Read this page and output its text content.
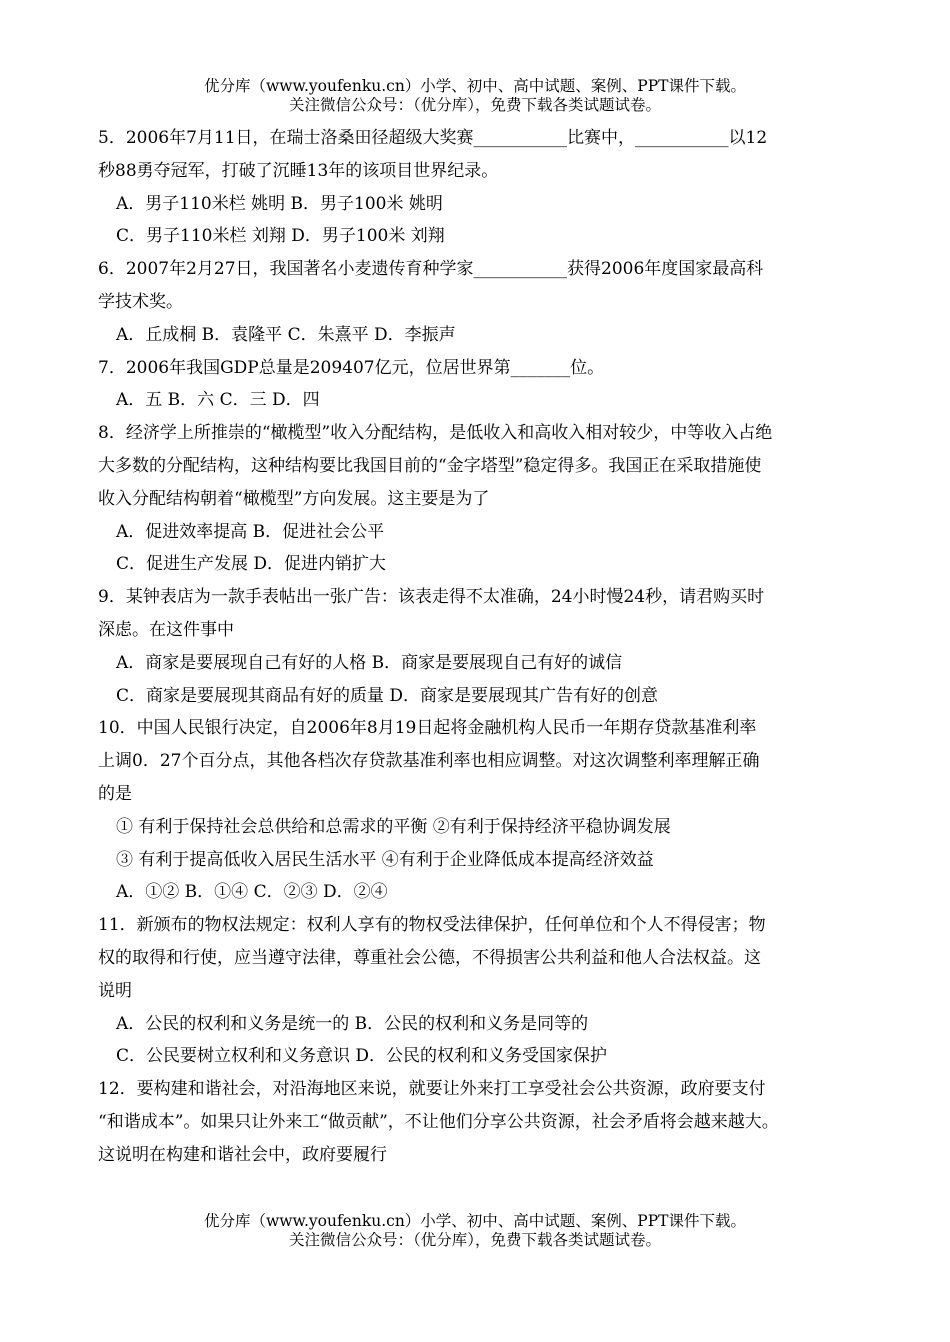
优分库（www.youfenku.cn）小学、初中、高中试题、案例、PPT课件下载。
关注微信公众号：（优分库），免费下载各类试题试卷。
5．2006年7月11日，在瑞士洛桑田径超级大奖赛___________比赛中，___________以12
秒88勇夺冠军，打破了沉睡13年的该项目世界纪录。
A．男子110米栏 姚明 B．男子100米 姚明
C．男子110米栏 刘翔 D．男子100米 刘翔
6．2007年2月27日，我国著名小麦遗传育种学家___________获得2006年度国家最高科
学技术奖。
A．丘成桐 B．袁隆平 C．朱熹平 D．李振声
7．2006年我国GDP总量是209407亿元，位居世界第_______位。
A．五 B．六 C．三 D．四
8．经济学上所推崇的“橄榄型”收入分配结构，是低收入和高收入相对较少，中等收入占绝
大多数的分配结构，这种结构要比我国目前的“金字塔型”稳定得多。我国正在采取措施使
收入分配结构朝着“橄榄型”方向发展。这主要是为了
A．促进效率提高 B．促进社会公平
C．促进生产发展 D．促进内销扩大
9．某钟表店为一款手表帖出一张广告：该表走得不太准确，24小时慢24秒，请君购买时
深虑。在这件事中
A．商家是要展现自己有好的人格 B．商家是要展现自己有好的诚信
C．商家是要展现其商品有好的质量 D．商家是要展现其广告有好的创意
10．中国人民银行决定，自2006年8月19日起将金融机构人民币一年期存贷款基准利率
上调0．27个百分点，其他各档次存贷款基准利率也相应调整。对这次调整利率理解正确
的是
① 有利于保持社会总供给和总需求的平衡 ②有利于保持经济平稳协调发展
③ 有利于提高低收入居民生活水平 ④有利于企业降低成本提高经济效益
A．①② B．①④ C．②③ D．②④
11．新颁布的物权法规定：权利人享有的物权受法律保护，任何单位和个人不得侵害；物
权的取得和行使，应当遵守法律，尊重社会公德，不得损害公共利益和他人合法权益。这
说明
A．公民的权利和义务是统一的 B．公民的权利和义务是同等的
C．公民要树立权利和义务意识 D．公民的权利和义务受国家保护
12．要构建和谐社会，对沿海地区来说，就要让外来打工享受社会公共资源，政府要支付
“和谐成本”。如果只让外来工“做贡献”，不让他们分享公共资源，社会矛盾将会越来越大。
这说明在构建和谐社会中，政府要履行
优分库（www.youfenku.cn）小学、初中、高中试题、案例、PPT课件下载。
关注微信公众号：（优分库），免费下载各类试题试卷。
